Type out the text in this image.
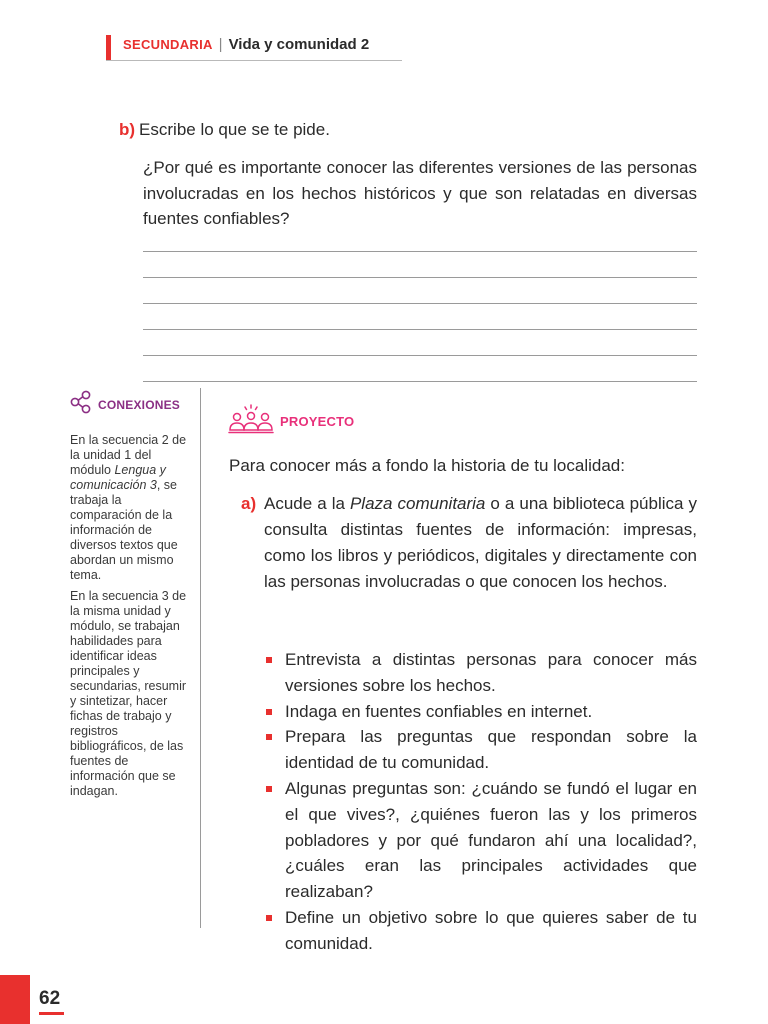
SECUNDARIA | Vida y comunidad 2
b) Escribe lo que se te pide.
¿Por qué es importante conocer las diferentes versiones de las personas involucradas en los hechos históricos y que son relatadas en diversas fuentes confiables?
CONEXIONES

En la secuencia 2 de la unidad 1 del módulo Lengua y comunicación 3, se trabaja la comparación de la información de diversos textos que abordan un mismo tema.

En la secuencia 3 de la misma unidad y módulo, se trabajan habilidades para identificar ideas principales y secundarias, resumir y sintetizar, hacer fichas de trabajo y registros bibliográficos, de las fuentes de información que se indagan.

PROYECTO
Para conocer más a fondo la historia de tu localidad:
a) Acude a la Plaza comunitaria o a una biblioteca pública y consulta distintas fuentes de información: impresas, como los libros y periódicos, digitales y directamente con las personas involucradas o que conocen los hechos.
Entrevista a distintas personas para conocer más versiones sobre los hechos.
Indaga en fuentes confiables en internet.
Prepara las preguntas que respondan sobre la identidad de tu comunidad.
Algunas preguntas son: ¿cuándo se fundó el lugar en el que vives?, ¿quiénes fueron las y los primeros pobladores y por qué fundaron ahí una localidad?, ¿cuáles eran las principales actividades que realizaban?
Define un objetivo sobre lo que quieres saber de tu comunidad.
62
